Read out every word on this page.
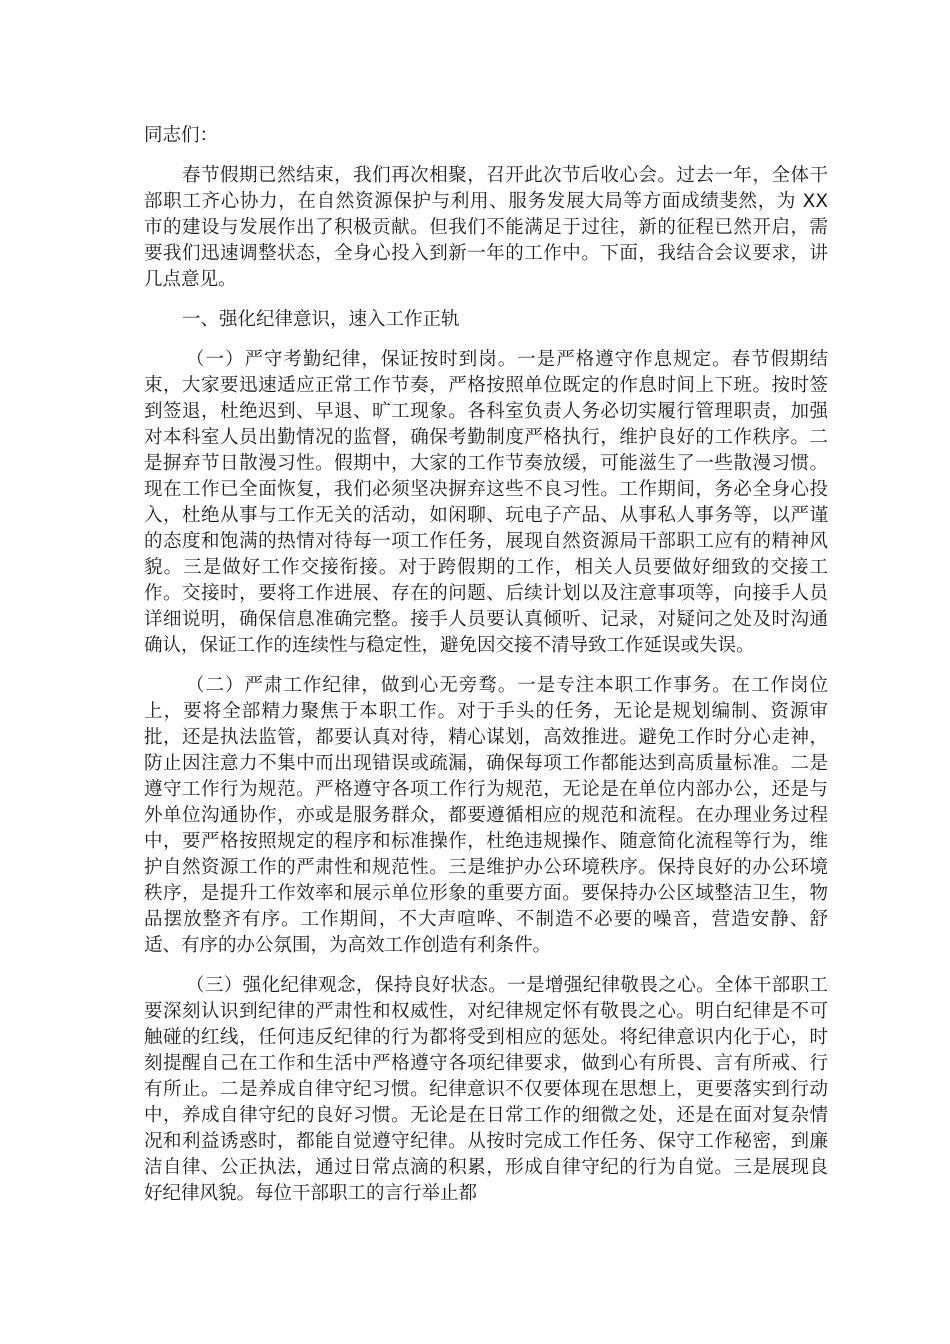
同志们：

春节假期已然结束，我们再次相聚，召开此次节后收心会。过去一年，全体干部职工齐心协力，在自然资源保护与利用、服务发展大局等方面成绩斐然，为 XX 市的建设与发展作出了积极贡献。但我们不能满足于过往，新的征程已然开启，需要我们迅速调整状态，全身心投入到新一年的工作中。下面，我结合会议要求，讲几点意见。

一、强化纪律意识，速入工作正轨

（一）严守考勤纪律，保证按时到岗。一是严格遵守作息规定。春节假期结束，大家要迅速适应正常工作节奏，严格按照单位既定的作息时间上下班。按时签到签退，杜绝迟到、早退、旷工现象。各科室负责人务必切实履行管理职责，加强对本科室人员出勤情况的监督，确保考勤制度严格执行，维护良好的工作秩序。二是摒弃节日散漫习性。假期中，大家的工作节奏放缓，可能滋生了一些散漫习惯。现在工作已全面恢复，我们必须坚决摒弃这些不良习性。工作期间，务必全身心投入，杜绝从事与工作无关的活动，如闲聊、玩电子产品、从事私人事务等，以严谨的态度和饱满的热情对待每一项工作任务，展现自然资源局干部职工应有的精神风貌。三是做好工作交接衔接。对于跨假期的工作，相关人员要做好细致的交接工作。交接时，要将工作进展、存在的问题、后续计划以及注意事项等，向接手人员详细说明，确保信息准确完整。接手人员要认真倾听、记录，对疑问之处及时沟通确认，保证工作的连续性与稳定性，避免因交接不清导致工作延误或失误。

（二）严肃工作纪律，做到心无旁骛。一是专注本职工作事务。在工作岗位上，要将全部精力聚焦于本职工作。对于手头的任务，无论是规划编制、资源审批，还是执法监管，都要认真对待，精心谋划，高效推进。避免工作时分心走神，防止因注意力不集中而出现错误或疏漏，确保每项工作都能达到高质量标准。二是遵守工作行为规范。严格遵守各项工作行为规范，无论是在单位内部办公，还是与外单位沟通协作，亦或是服务群众，都要遵循相应的规范和流程。在办理业务过程中，要严格按照规定的程序和标准操作，杜绝违规操作、随意简化流程等行为，维护自然资源工作的严肃性和规范性。三是维护办公环境秩序。保持良好的办公环境秩序，是提升工作效率和展示单位形象的重要方面。要保持办公区域整洁卫生，物品摆放整齐有序。工作期间，不大声喧哗、不制造不必要的噪音，营造安静、舒适、有序的办公氛围，为高效工作创造有利条件。

（三）强化纪律观念，保持良好状态。一是增强纪律敬畏之心。全体干部职工要深刻认识到纪律的严肃性和权威性，对纪律规定怀有敬畏之心。明白纪律是不可触碰的红线，任何违反纪律的行为都将受到相应的惩处。将纪律意识内化于心，时刻提醒自己在工作和生活中严格遵守各项纪律要求，做到心有所畏、言有所戒、行有所止。二是养成自律守纪习惯。纪律意识不仅要体现在思想上，更要落实到行动中，养成自律守纪的良好习惯。无论是在日常工作的细微之处，还是在面对复杂情况和利益诱惑时，都能自觉遵守纪律。从按时完成工作任务、保守工作秘密，到廉洁自律、公正执法，通过日常点滴的积累，形成自律守纪的行为自觉。三是展现良好纪律风貌。每位干部职工的言行举止都
